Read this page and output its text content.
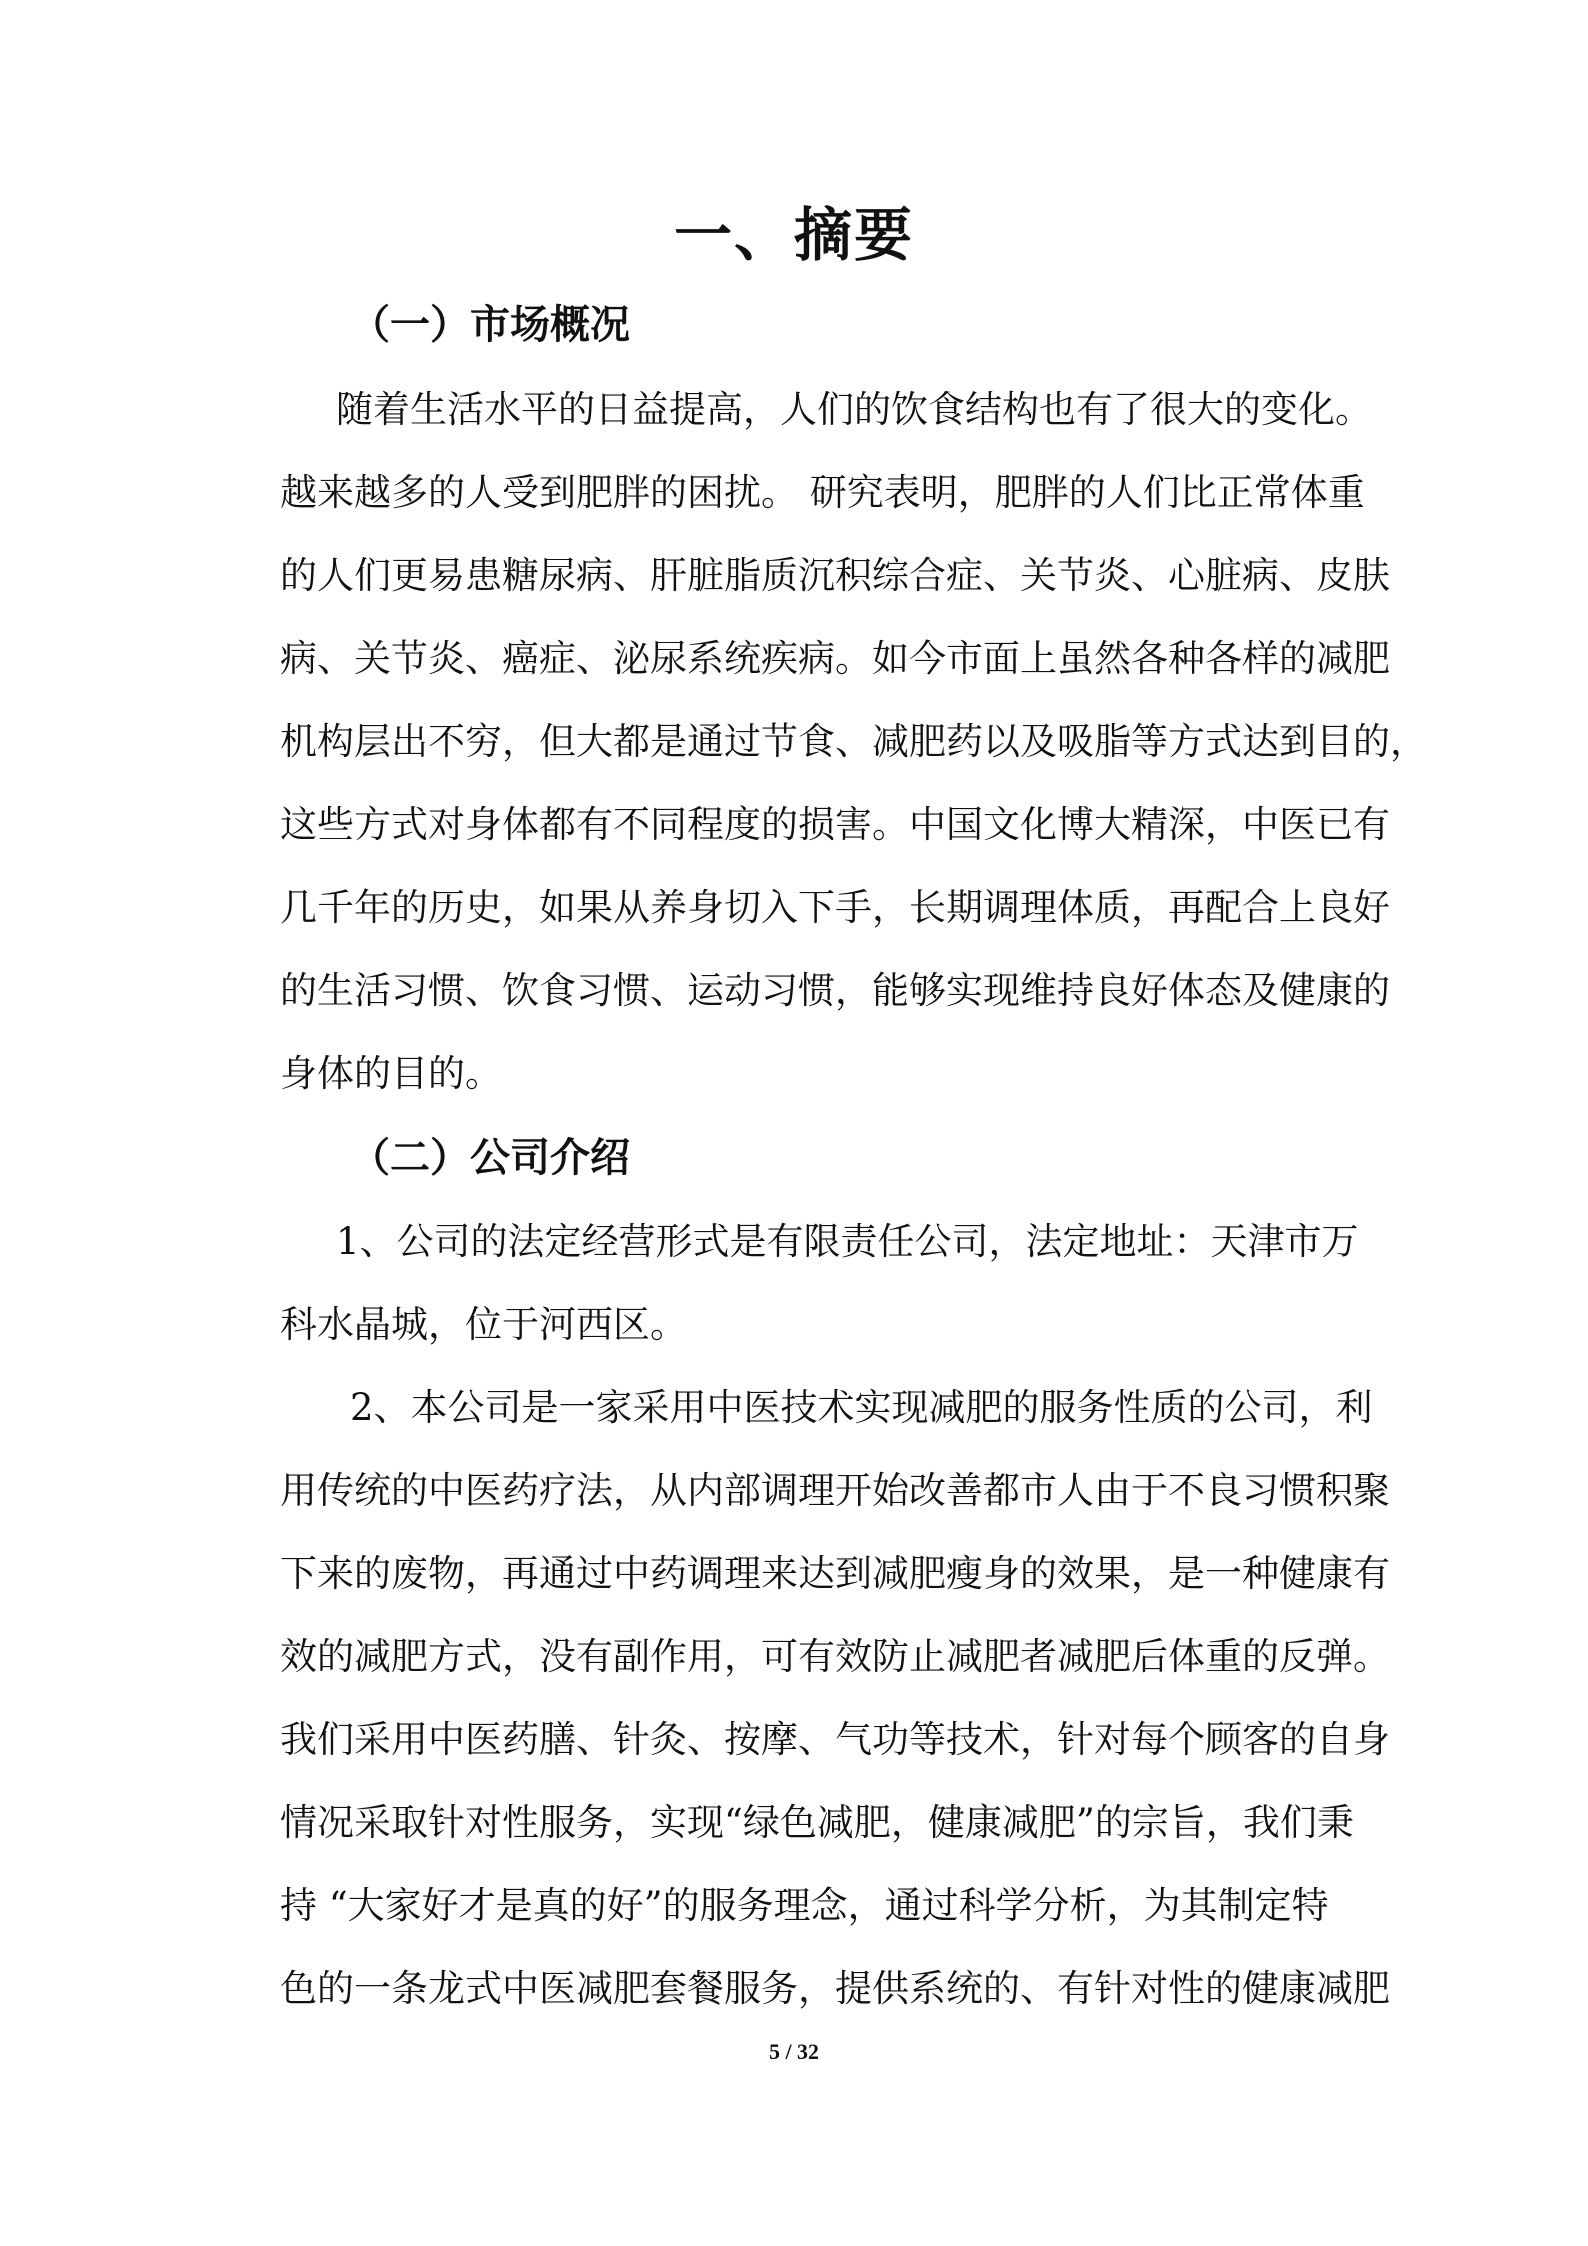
一、摘要
（一）市场概况
随着生活水平的日益提高，人们的饮食结构也有了很大的变化。
越来越多的人受到肥胖的困扰。 研究表明，肥胖的人们比正常体重
的人们更易患糖尿病、肝脏脂质沉积综合症、关节炎、心脏病、皮肤
病、关节炎、癌症、泌尿系统疾病。如今市面上虽然各种各样的减肥
机构层出不穷，但大都是通过节食、减肥药以及吸脂等方式达到目的，
这些方式对身体都有不同程度的损害。中国文化博大精深，中医已有
几千年的历史，如果从养身切入下手，长期调理体质，再配合上良好
的生活习惯、饮食习惯、运动习惯，能够实现维持良好体态及健康的
身体的目的。
（二）公司介绍
1、公司的法定经营形式是有限责任公司，法定地址：天津市万
科水晶城，位于河西区。
2、本公司是一家采用中医技术实现减肥的服务性质的公司，利
用传统的中医药疗法，从内部调理开始改善都市人由于不良习惯积聚
下来的废物，再通过中药调理来达到减肥瘦身的效果，是一种健康有
效的减肥方式，没有副作用，可有效防止减肥者减肥后体重的反弹。
我们采用中医药膳、针灸、按摩、气功等技术，针对每个顾客的自身
情况采取针对性服务，实现“绿色减肥，健康减肥”的宗旨，我们秉
持 “大家好才是真的好”的服务理念，通过科学分析，为其制定特
色的一条龙式中医减肥套餐服务，提供系统的、有针对性的健康减肥
5 / 32
